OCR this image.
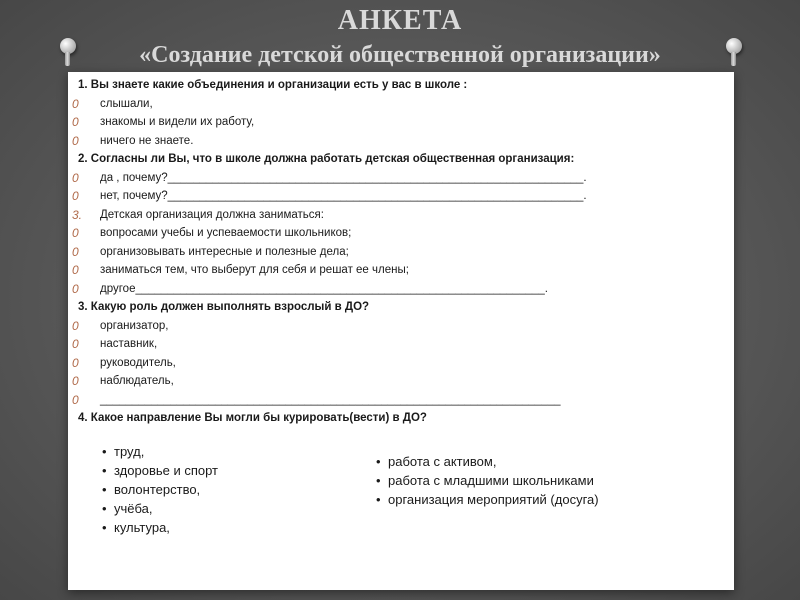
АНКЕТА
«Создание детской общественной организации»
1. Вы знаете какие объединения и организации есть у вас в школе :
0 слышали,
0 знакомы и видели их работу,
0 ничего не знаете.
2. Согласны ли Вы, что в школе должна работать детская общественная организация:
0 да , почему?_________________________________________________________________.
0 нет, почему?_________________________________________________________________.
3. Детская организация должна заниматься:
0 вопросами учебы и успеваемости школьников;
0 организовывать интересные и полезные дела;
0 заниматься тем, что выберут для себя и решат ее члены;
0 другое________________________________________________________________.
3. Какую роль должен выполнять взрослый в ДО?
0 организатор,
0 наставник,
0 руководитель,
0 наблюдатель,
0 ________________________________________________________________________
4. Какое направление Вы могли бы курировать(вести) в ДО?
• труд,
• здоровье и спорт
• волонтерство,
• учёба,
• культура,
• работа с активом,
• работа с младшими школьниками
• организация мероприятий (досуга)
